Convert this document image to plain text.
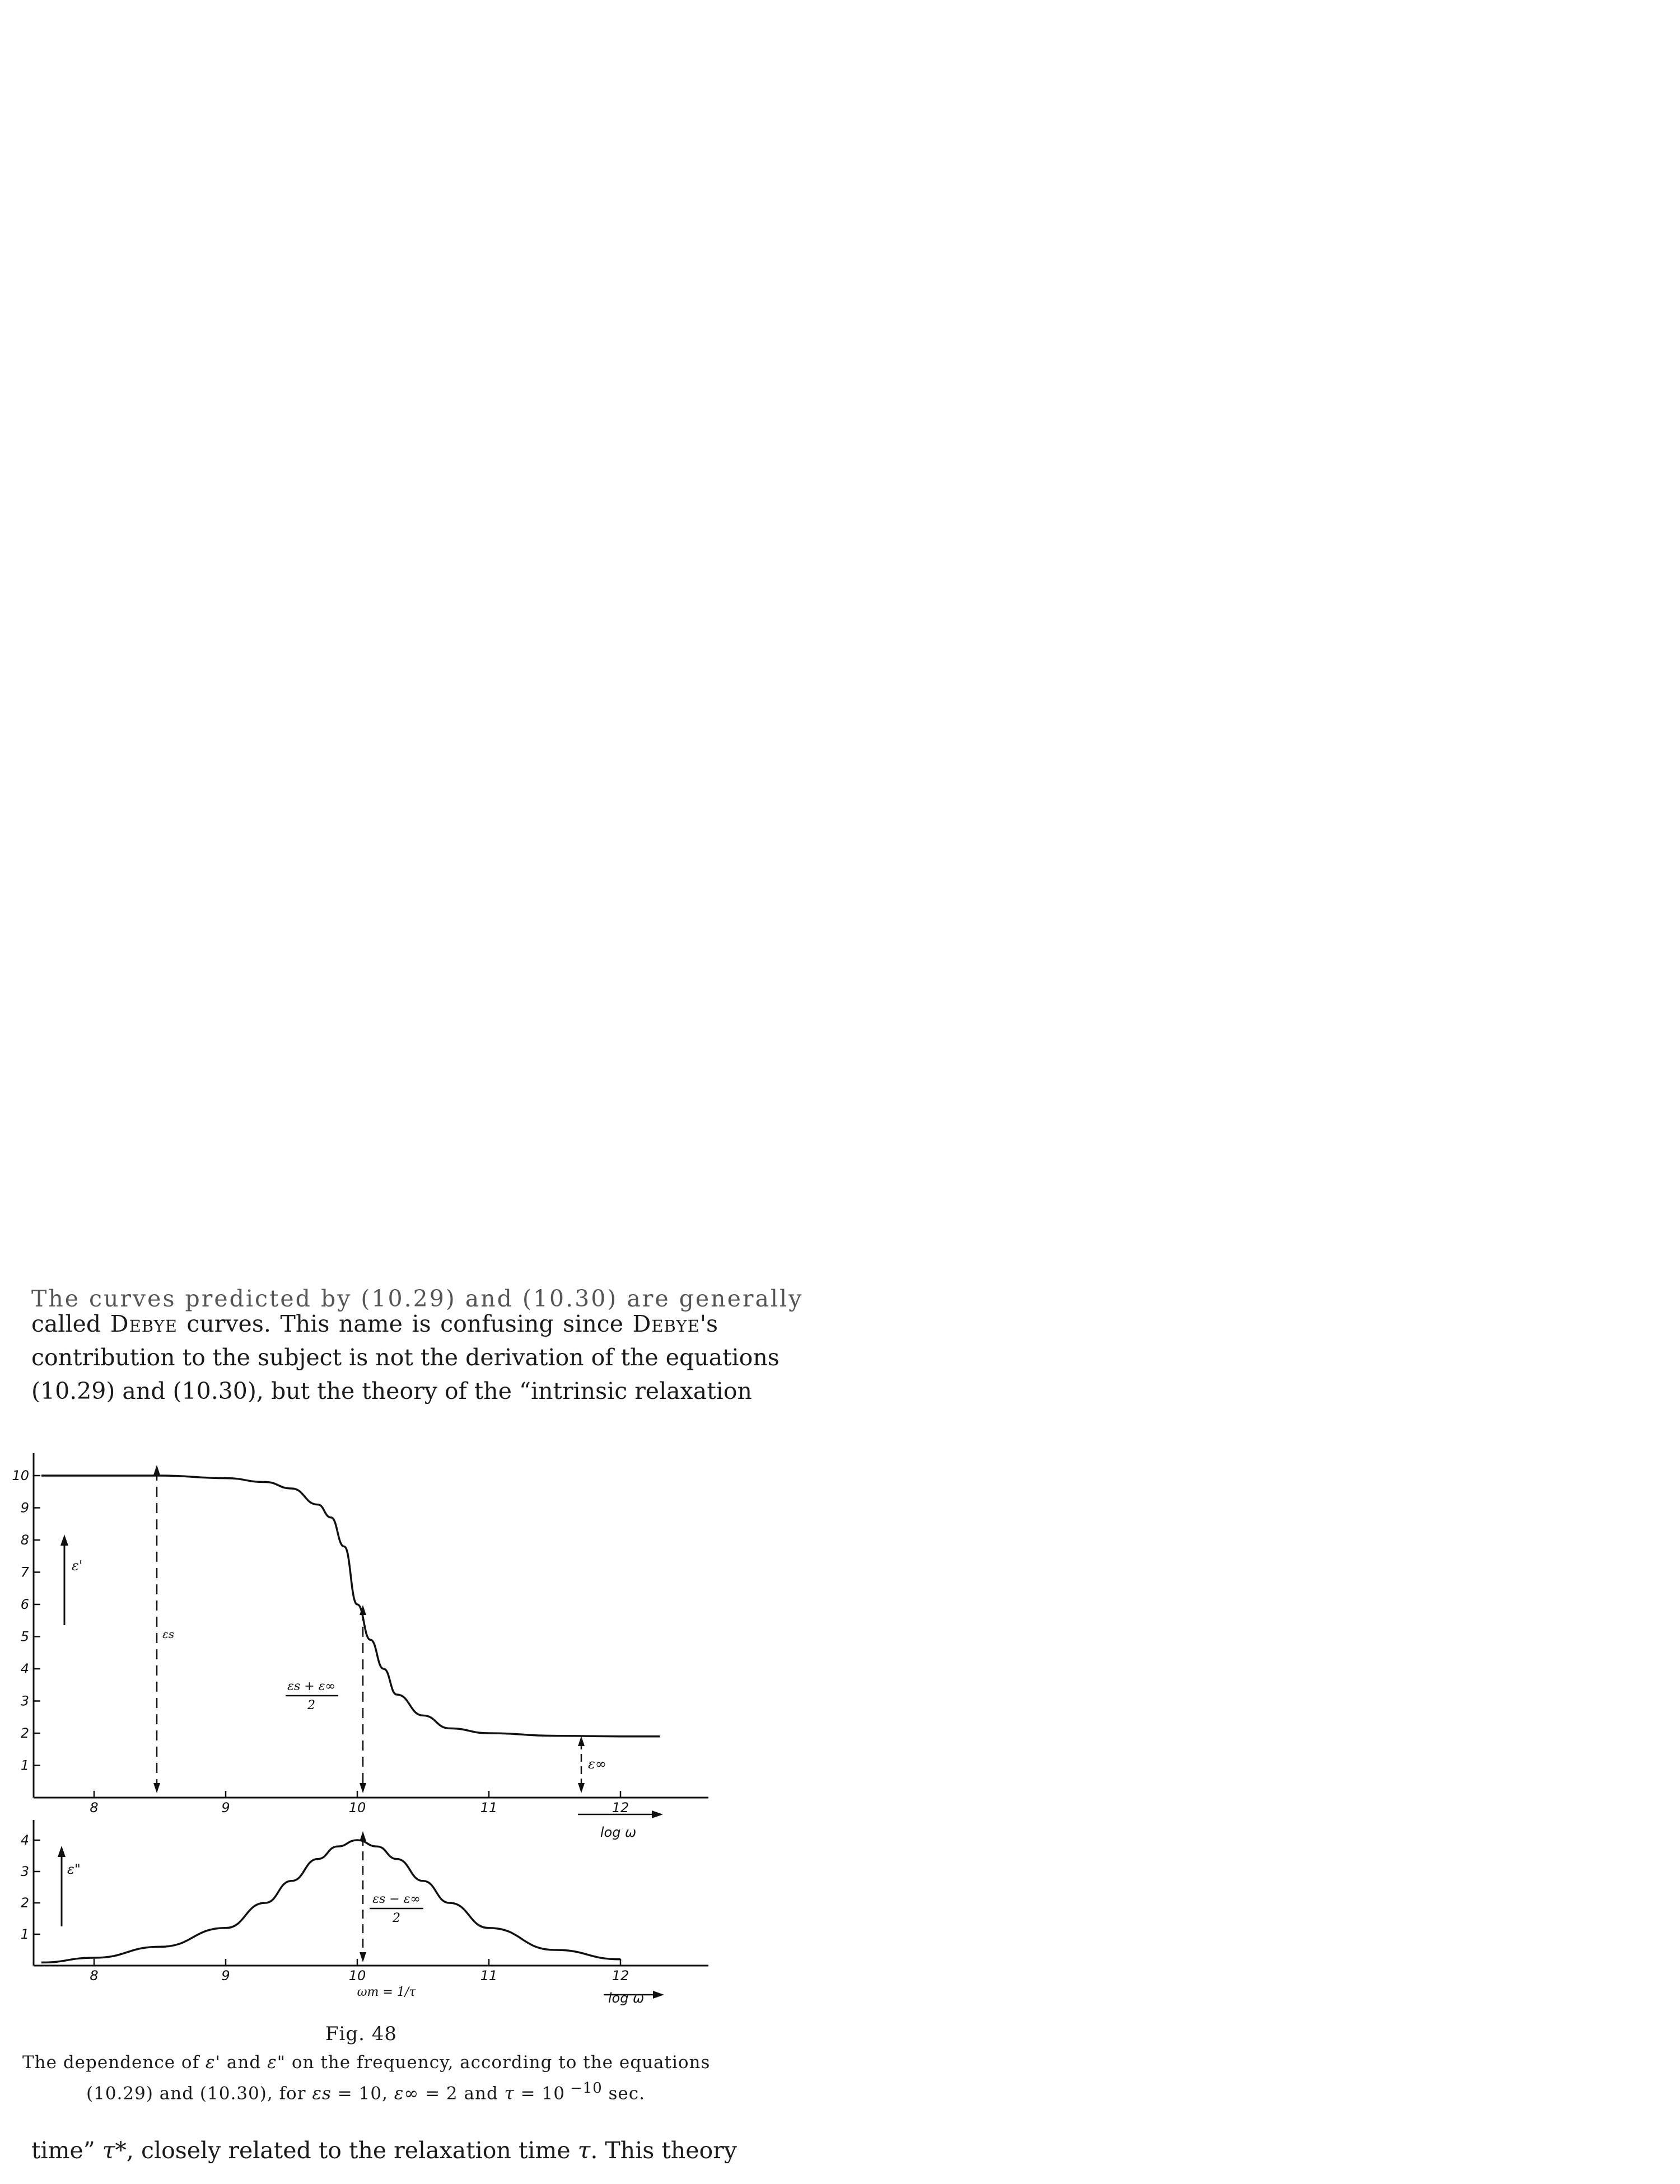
The curves predicted by (10.29) and (10.30) are generally
called Debye curves. This name is confusing since Debye's
contribution to the subject is not the derivation of the equations
(10.29) and (10.30), but the theory of the “intrinsic relaxation
1
2
3
4
5
6
7
8
9
10
8	9	10	11	12
ε'
εs
εs + ε∞
2
ε∞
log ω
1
2
3
4
8	9	10	11	12
ε"
εs − ε∞
2
ωm = 1/τ	log ω
Fig. 48
The dependence of ε' and ε" on the frequency, according to the equations
(10.29) and (10.30), for εs = 10, ε∞ = 2 and τ = 10 $^{-10}$ sec.
time” τ*, closely related to the relaxation time τ. This theory
